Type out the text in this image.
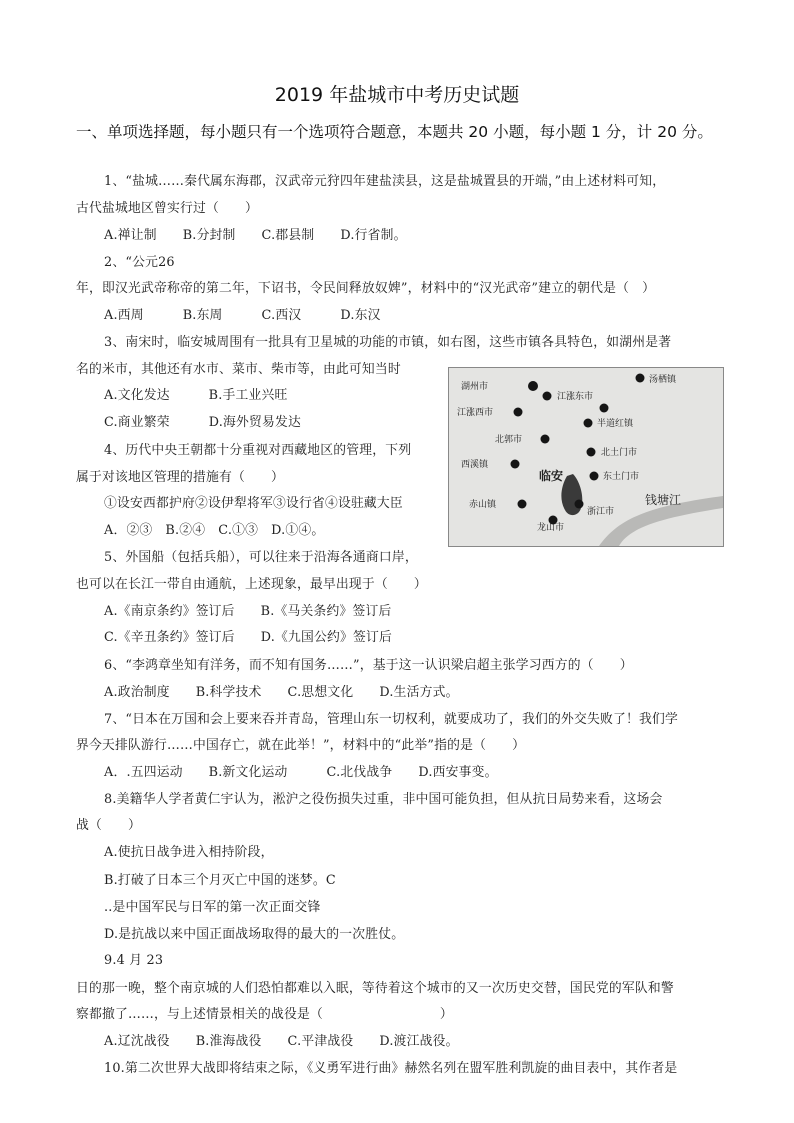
2019 年盐城市中考历史试题
一、单项选择题，每小题只有一个选项符合题意，本题共 20 小题，每小题 1 分，计 20 分。
1、“盐城……秦代属东海郡，汉武帝元狩四年建盐渎县，这是盐城置县的开端，”由上述材料可知，
古代盐城地区曾实行过（　　）
A.禅让制　　B.分封制　　C.郡县制　　D.行省制。
2、“公元26
年，即汉光武帝称帝的第二年，下诏书，令民间释放奴婢”，材料中的“汉光武帝”建立的朝代是（　）
A.西周　　　B.东周　　　C.西汉　　　D.东汉
3、南宋时，临安城周围有一批具有卫星城的功能的市镇，如右图，这些市镇各具特色，如湖州是著
名的米市，其他还有水市、菜市、柴市等，由此可知当时
A.文化发达　　　B.手工业兴旺
C.商业繁荣　　　D.海外贸易发达
4、历代中央王朝都十分重视对西藏地区的管理，下列
属于对该地区管理的措施有（　　）
①设安西都护府②设伊犁将军③设行省④设驻藏大臣
A．②③　B.②④　C.①③　D.①④。
5、外国船（包括兵船），可以往来于沿海各通商口岸，
也可以在长江一带自由通航，上述现象，最早出现于（　　）
A.《南京条约》签订后　　B.《马关条约》签订后
C.《辛丑条约》签订后　　D.《九国公约》签订后
6、“李鸿章坐知有洋务，而不知有国务……”，基于这一认识梁启超主张学习西方的（　　）
A.政治制度　　B.科学技术　　C.思想文化　　D.生活方式。
7、“日本在万国和会上要来吞并青岛，管理山东一切权利，就要成功了，我们的外交失败了！我们学
界今天排队游行……中国存亡，就在此举！”，材料中的“此举”指的是（　　）
A．.五四运动　　B.新文化运动　　　C.北伐战争　　D.西安事变。
8.美籍华人学者黄仁宇认为，淞沪之役伤损失过重，非中国可能负担，但从抗日局势来看，这场会
战（　　）
A.使抗日战争进入相持阶段，
B.打破了日本三个月灭亡中国的迷梦。C
..是中国军民与日军的第一次正面交锋
D.是抗战以来中国正面战场取得的最大的一次胜仗。
9.4 月 23
日的那一晚，整个南京城的人们恐怕都难以入眠，等待着这个城市的又一次历史交替，国民党的军队和警
察都撤了……，与上述情景相关的战役是（　　　　　　　　　）
A.辽沈战役　　B.淮海战役　　C.平津战役　　D.渡江战役。
10.第二次世界大战即将结束之际，《义勇军进行曲》赫然名列在盟军胜利凯旋的曲目表中，其作者是
湖州市
汤栖镇
江涨东市
江涨西市
半道红镇
北郭市
北土门市
西溪镇
临安	东土门市
钱塘江
赤山镇
浙江市
龙山市
